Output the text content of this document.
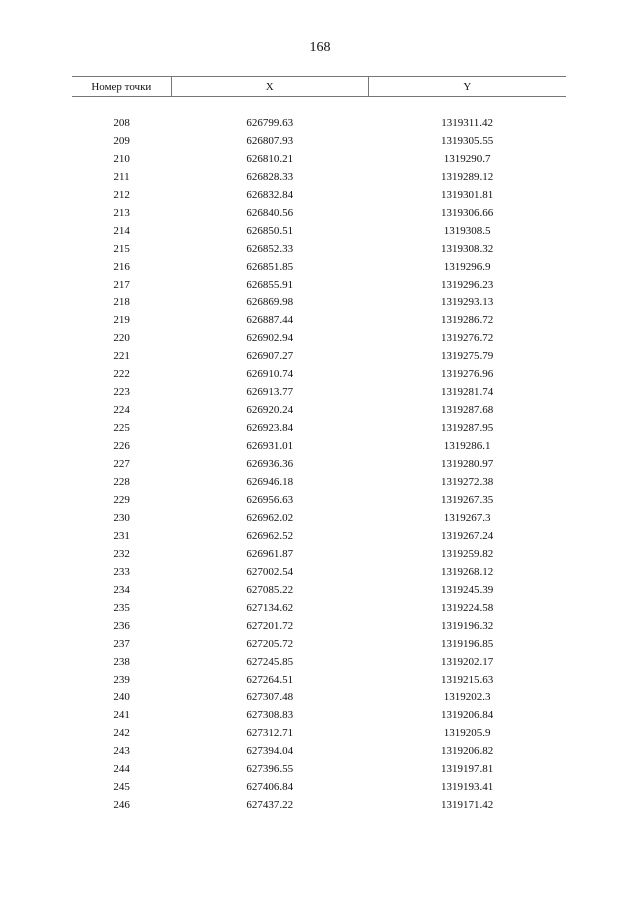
168
Номер точки	X	Y

208	626799.63	1319311.42
209	626807.93	1319305.55
210	626810.21	1319290.7
211	626828.33	1319289.12
212	626832.84	1319301.81
213	626840.56	1319306.66
214	626850.51	1319308.5
215	626852.33	1319308.32
216	626851.85	1319296.9
217	626855.91	1319296.23
218	626869.98	1319293.13
219	626887.44	1319286.72
220	626902.94	1319276.72
221	626907.27	1319275.79
222	626910.74	1319276.96
223	626913.77	1319281.74
224	626920.24	1319287.68
225	626923.84	1319287.95
226	626931.01	1319286.1
227	626936.36	1319280.97
228	626946.18	1319272.38
229	626956.63	1319267.35
230	626962.02	1319267.3
231	626962.52	1319267.24
232	626961.87	1319259.82
233	627002.54	1319268.12
234	627085.22	1319245.39
235	627134.62	1319224.58
236	627201.72	1319196.32
237	627205.72	1319196.85
238	627245.85	1319202.17
239	627264.51	1319215.63
240	627307.48	1319202.3
241	627308.83	1319206.84
242	627312.71	1319205.9
243	627394.04	1319206.82
244	627396.55	1319197.81
245	627406.84	1319193.41
246	627437.22	1319171.42
